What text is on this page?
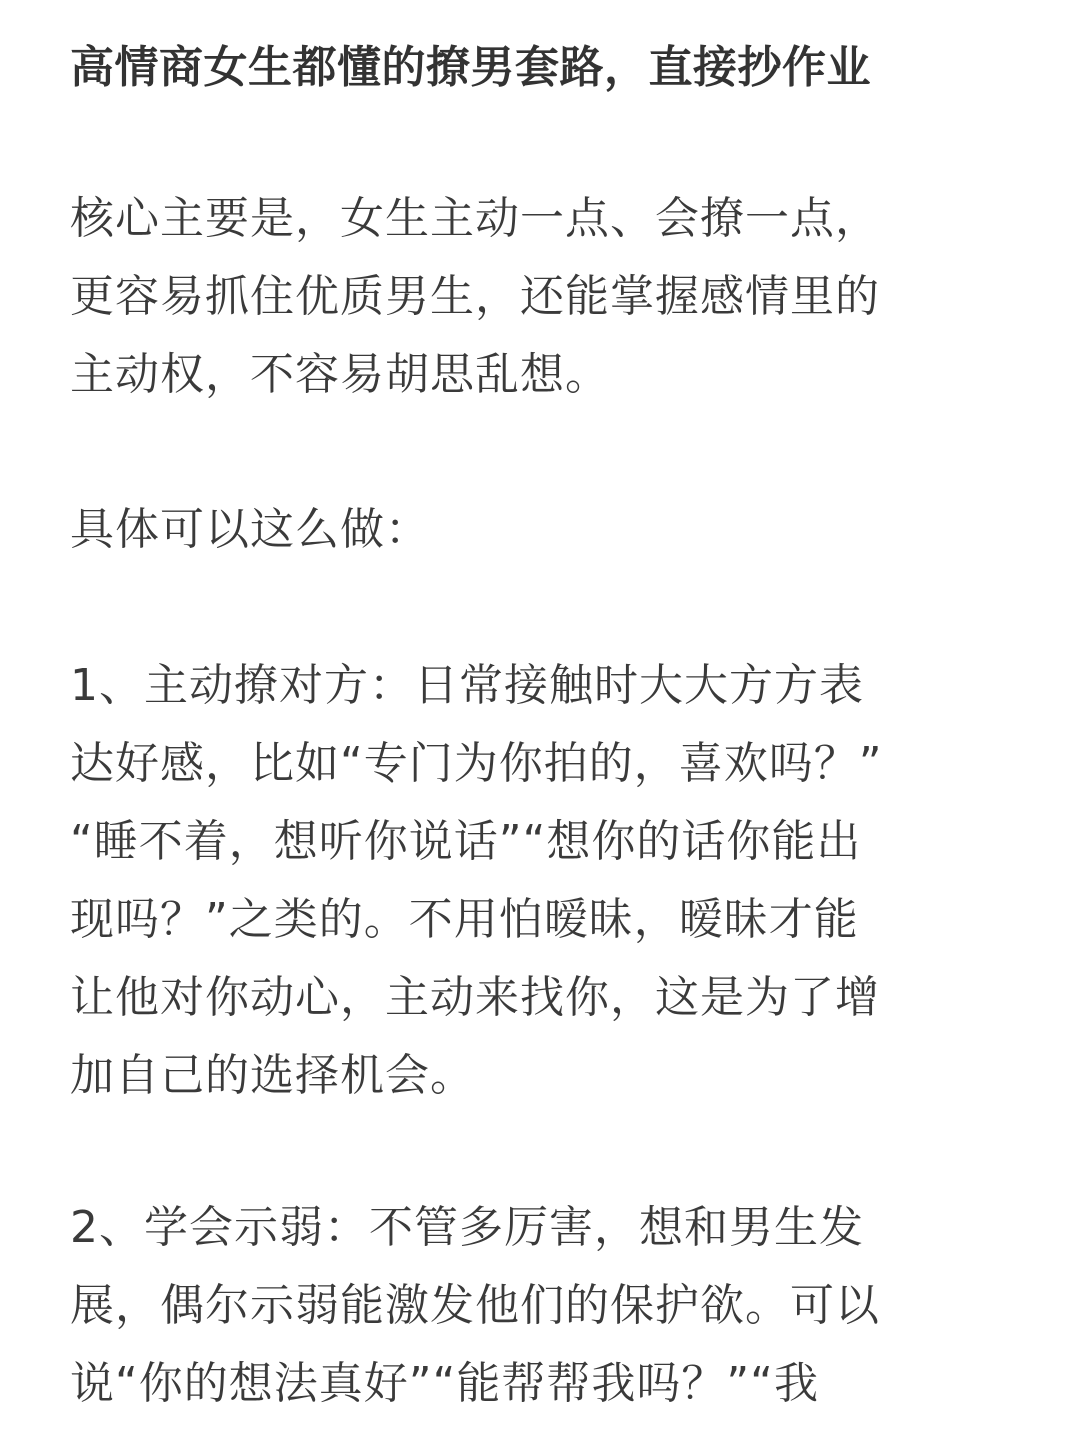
高情商女生都懂的撩男套路，直接抄作业

核心主要是，女生主动一点、会撩一点，
更容易抓住优质男生，还能掌握感情里的
主动权，不容易胡思乱想。

具体可以这么做：

1、主动撩对方：日常接触时大大方方表
达好感，比如“专门为你拍的，喜欢吗？”
“睡不着，想听你说话”“想你的话你能出
现吗？”之类的。不用怕暧昧，暧昧才能
让他对你动心，主动来找你，这是为了增
加自己的选择机会。

2、学会示弱：不管多厉害，想和男生发
展，偶尔示弱能激发他们的保护欲。可以
说“你的想法真好”“能帮帮我吗？”“我
